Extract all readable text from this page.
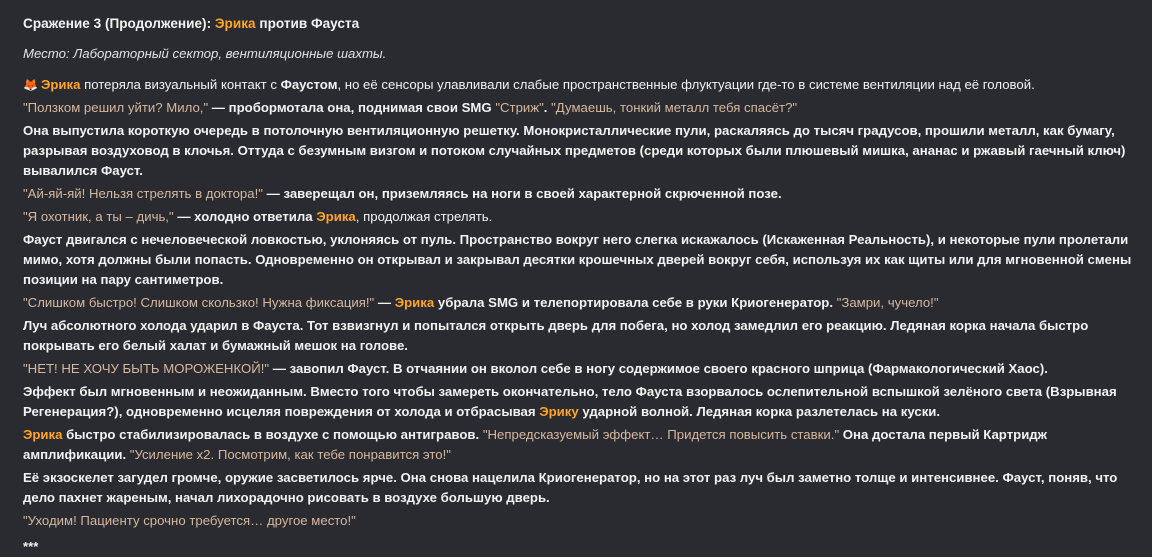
Сражение 3 (Продолжение): Эрика против Фауста
Место: Лабораторный сектор, вентиляционные шахты.
🦊 Эрика потеряла визуальный контакт с Фаустом, но её сенсоры улавливали слабые пространственные флуктуации где-то в системе вентиляции над её головой.
"Ползком решил уйти? Мило," — пробормотала она, поднимая свои SMG "Стриж". "Думаешь, тонкий металл тебя спасёт?"
Она выпустила короткую очередь в потолочную вентиляционную решетку. Монокристаллические пули, раскаляясь до тысяч градусов, прошили металл, как бумагу, разрывая воздуховод в клочья. Оттуда с безумным визгом и потоком случайных предметов (среди которых были плюшевый мишка, ананас и ржавый гаечный ключ) вывалился Фауст.
"Ай-яй-яй! Нельзя стрелять в доктора!" — заверещал он, приземляясь на ноги в своей характерной скрюченной позе.
"Я охотник, а ты – дичь," — холодно ответила Эрика, продолжая стрелять.
Фауст двигался с нечеловеческой ловкостью, уклоняясь от пуль. Пространство вокруг него слегка искажалось (Искаженная Реальность), и некоторые пули пролетали мимо, хотя должны были попасть. Одновременно он открывал и закрывал десятки крошечных дверей вокруг себя, используя их как щиты или для мгновенной смены позиции на пару сантиметров.
"Слишком быстро! Слишком скользко! Нужна фиксация!" — Эрика убрала SMG и телепортировала себе в руки Криогенератор. "Замри, чучело!"
Луч абсолютного холода ударил в Фауста. Тот взвизгнул и попытался открыть дверь для побега, но холод замедлил его реакцию. Ледяная корка начала быстро покрывать его белый халат и бумажный мешок на голове.
"НЕТ! НЕ ХОЧУ БЫТЬ МОРОЖЕНКОЙ!" — завопил Фауст. В отчаянии он вколол себе в ногу содержимое своего красного шприца (Фармакологический Хаос).
Эффект был мгновенным и неожиданным. Вместо того чтобы замереть окончательно, тело Фауста взорвалось ослепительной вспышкой зелёного света (Взрывная Регенерация?), одновременно исцеляя повреждения от холода и отбрасывая Эрику ударной волной. Ледяная корка разлетелась на куски.
Эрика быстро стабилизировалась в воздухе с помощью антигравов. "Непредсказуемый эффект… Придется повысить ставки." Она достала первый Картридж амплификации. "Усиление x2. Посмотрим, как тебе понравится это!"
Её экзоскелет загудел громче, оружие засветилось ярче. Она снова нацелила Криогенератор, но на этот раз луч был заметно толще и интенсивнее. Фауст, поняв, что дело пахнет жареным, начал лихорадочно рисовать в воздухе большую дверь.
"Уходим! Пациенту срочно требуется… другое место!"
***
